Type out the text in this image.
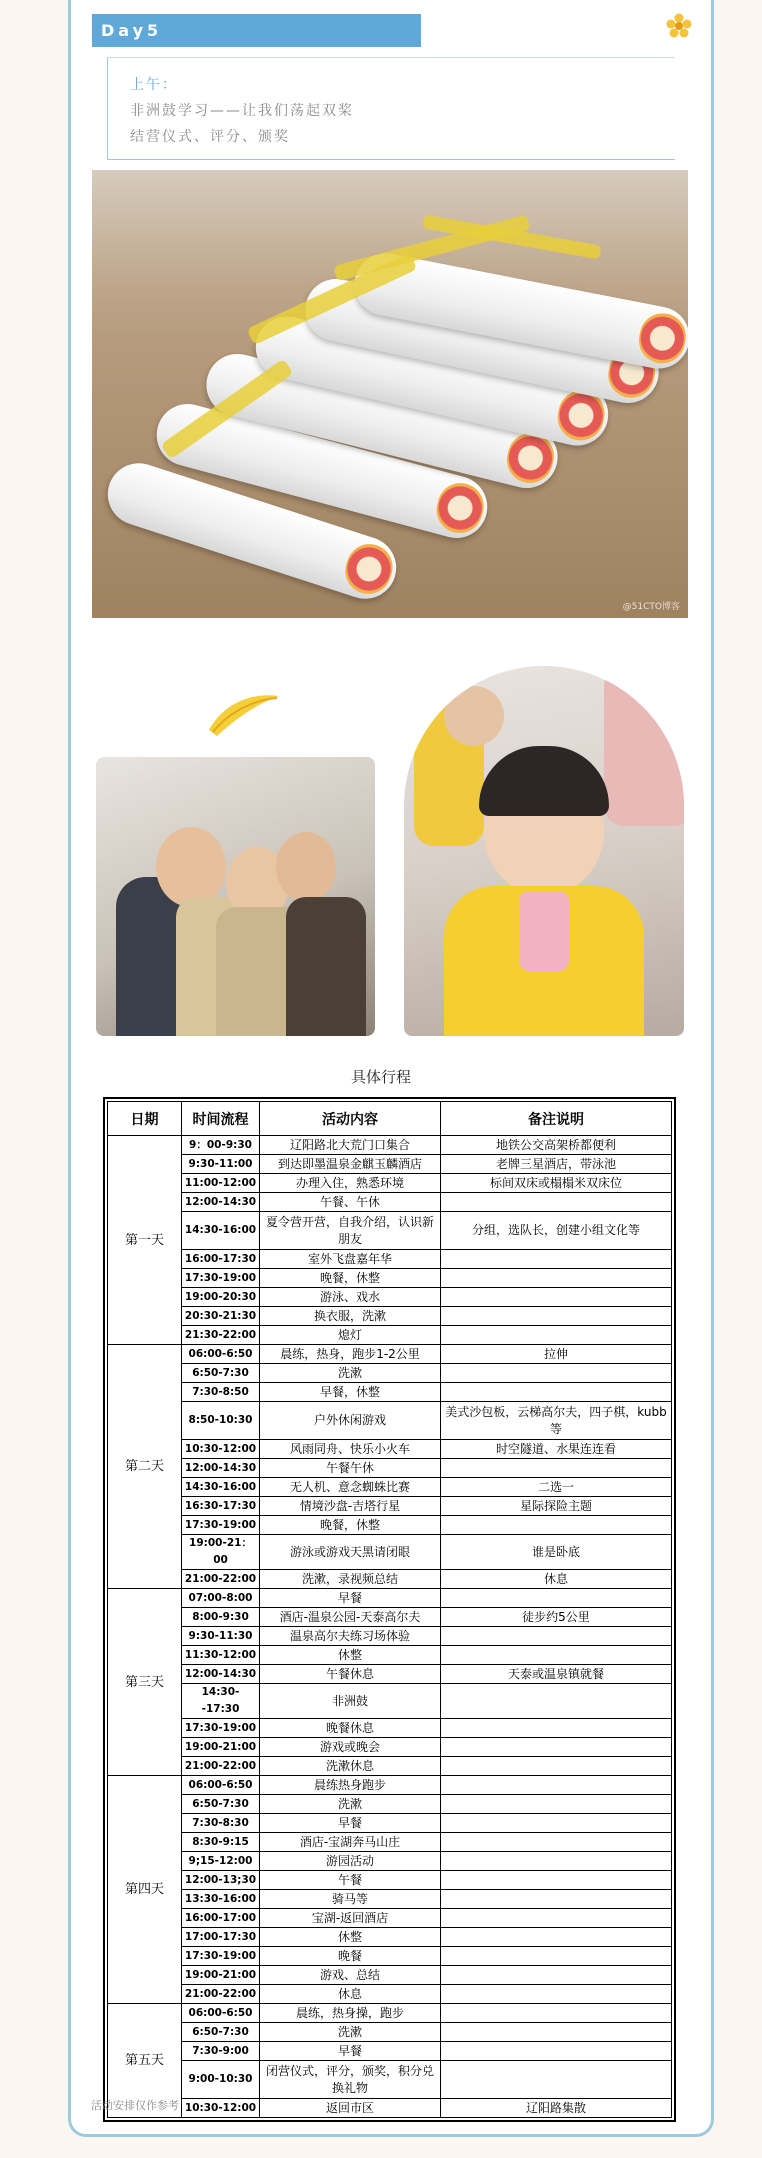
Day5
上午：
非洲鼓学习——让我们荡起双桨
结营仪式、评分、颁奖
@51CTO博客
具体行程
日期	时间流程	活动内容	备注说明
第一天	9：00-9:30	辽阳路北大荒门口集合	地铁公交高架桥都便利
	9:30-11:00	到达即墨温泉金麒玉麟酒店	老牌三星酒店，带泳池
	11:00-12:00	办理入住，熟悉环境	标间双床或榻榻米双床位
	12:00-14:30	午餐、午休	
	14:30-16:00	夏令营开营，自我介绍，认识新朋友	分组，选队长，创建小组文化等
	16:00-17:30	室外飞盘嘉年华	
	17:30-19:00	晚餐，休整	
	19:00-20:30	游泳、戏水	
	20:30-21:30	换衣服，洗漱	
	21:30-22:00	熄灯	
第二天	06:00-6:50	晨练，热身，跑步1-2公里	拉伸
	6:50-7:30	洗漱	
	7:30-8:50	早餐，休整	
	8:50-10:30	户外休闲游戏	美式沙包板，云梯高尔夫，四子棋，kubb等
	10:30-12:00	风雨同舟、快乐小火车	时空隧道、水果连连看
	12:00-14:30	午餐午休	
	14:30-16:00	无人机、意念蜘蛛比赛	二选一
	16:30-17:30	情境沙盘-吉塔行星	星际探险主题
	17:30-19:00	晚餐，休整	
	19:00-21：00	游泳或游戏天黑请闭眼	谁是卧底
	21:00-22:00	洗漱，录视频总结	休息
第三天	07:00-8:00	早餐	
	8:00-9:30	酒店-温泉公园-天泰高尔夫	徒步约5公里
	9:30-11:30	温泉高尔夫练习场体验	
	11:30-12:00	休整	
	12:00-14:30	午餐休息	天泰或温泉镇就餐
	14:30--17:30	非洲鼓	
	17:30-19:00	晚餐休息	
	19:00-21:00	游戏或晚会	
	21:00-22:00	洗漱休息	
第四天	06:00-6:50	晨练热身跑步	
	6:50-7:30	洗漱	
	7:30-8:30	早餐	
	8:30-9:15	酒店-宝湖奔马山庄	
	9;15-12:00	游园活动	
	12:00-13;30	午餐	
	13:30-16:00	骑马等	
	16:00-17:00	宝湖-返回酒店	
	17:00-17:30	休整	
	17:30-19:00	晚餐	
	19:00-21:00	游戏、总结	
	21:00-22:00	休息	
第五天	06:00-6:50	晨练，热身操，跑步	
	6:50-7:30	洗漱	
	7:30-9:00	早餐	
	9:00-10:30	闭营仪式，评分，颁奖，积分兑换礼物	
	10:30-12:00	返回市区	辽阳路集散
活动安排仅作参考
